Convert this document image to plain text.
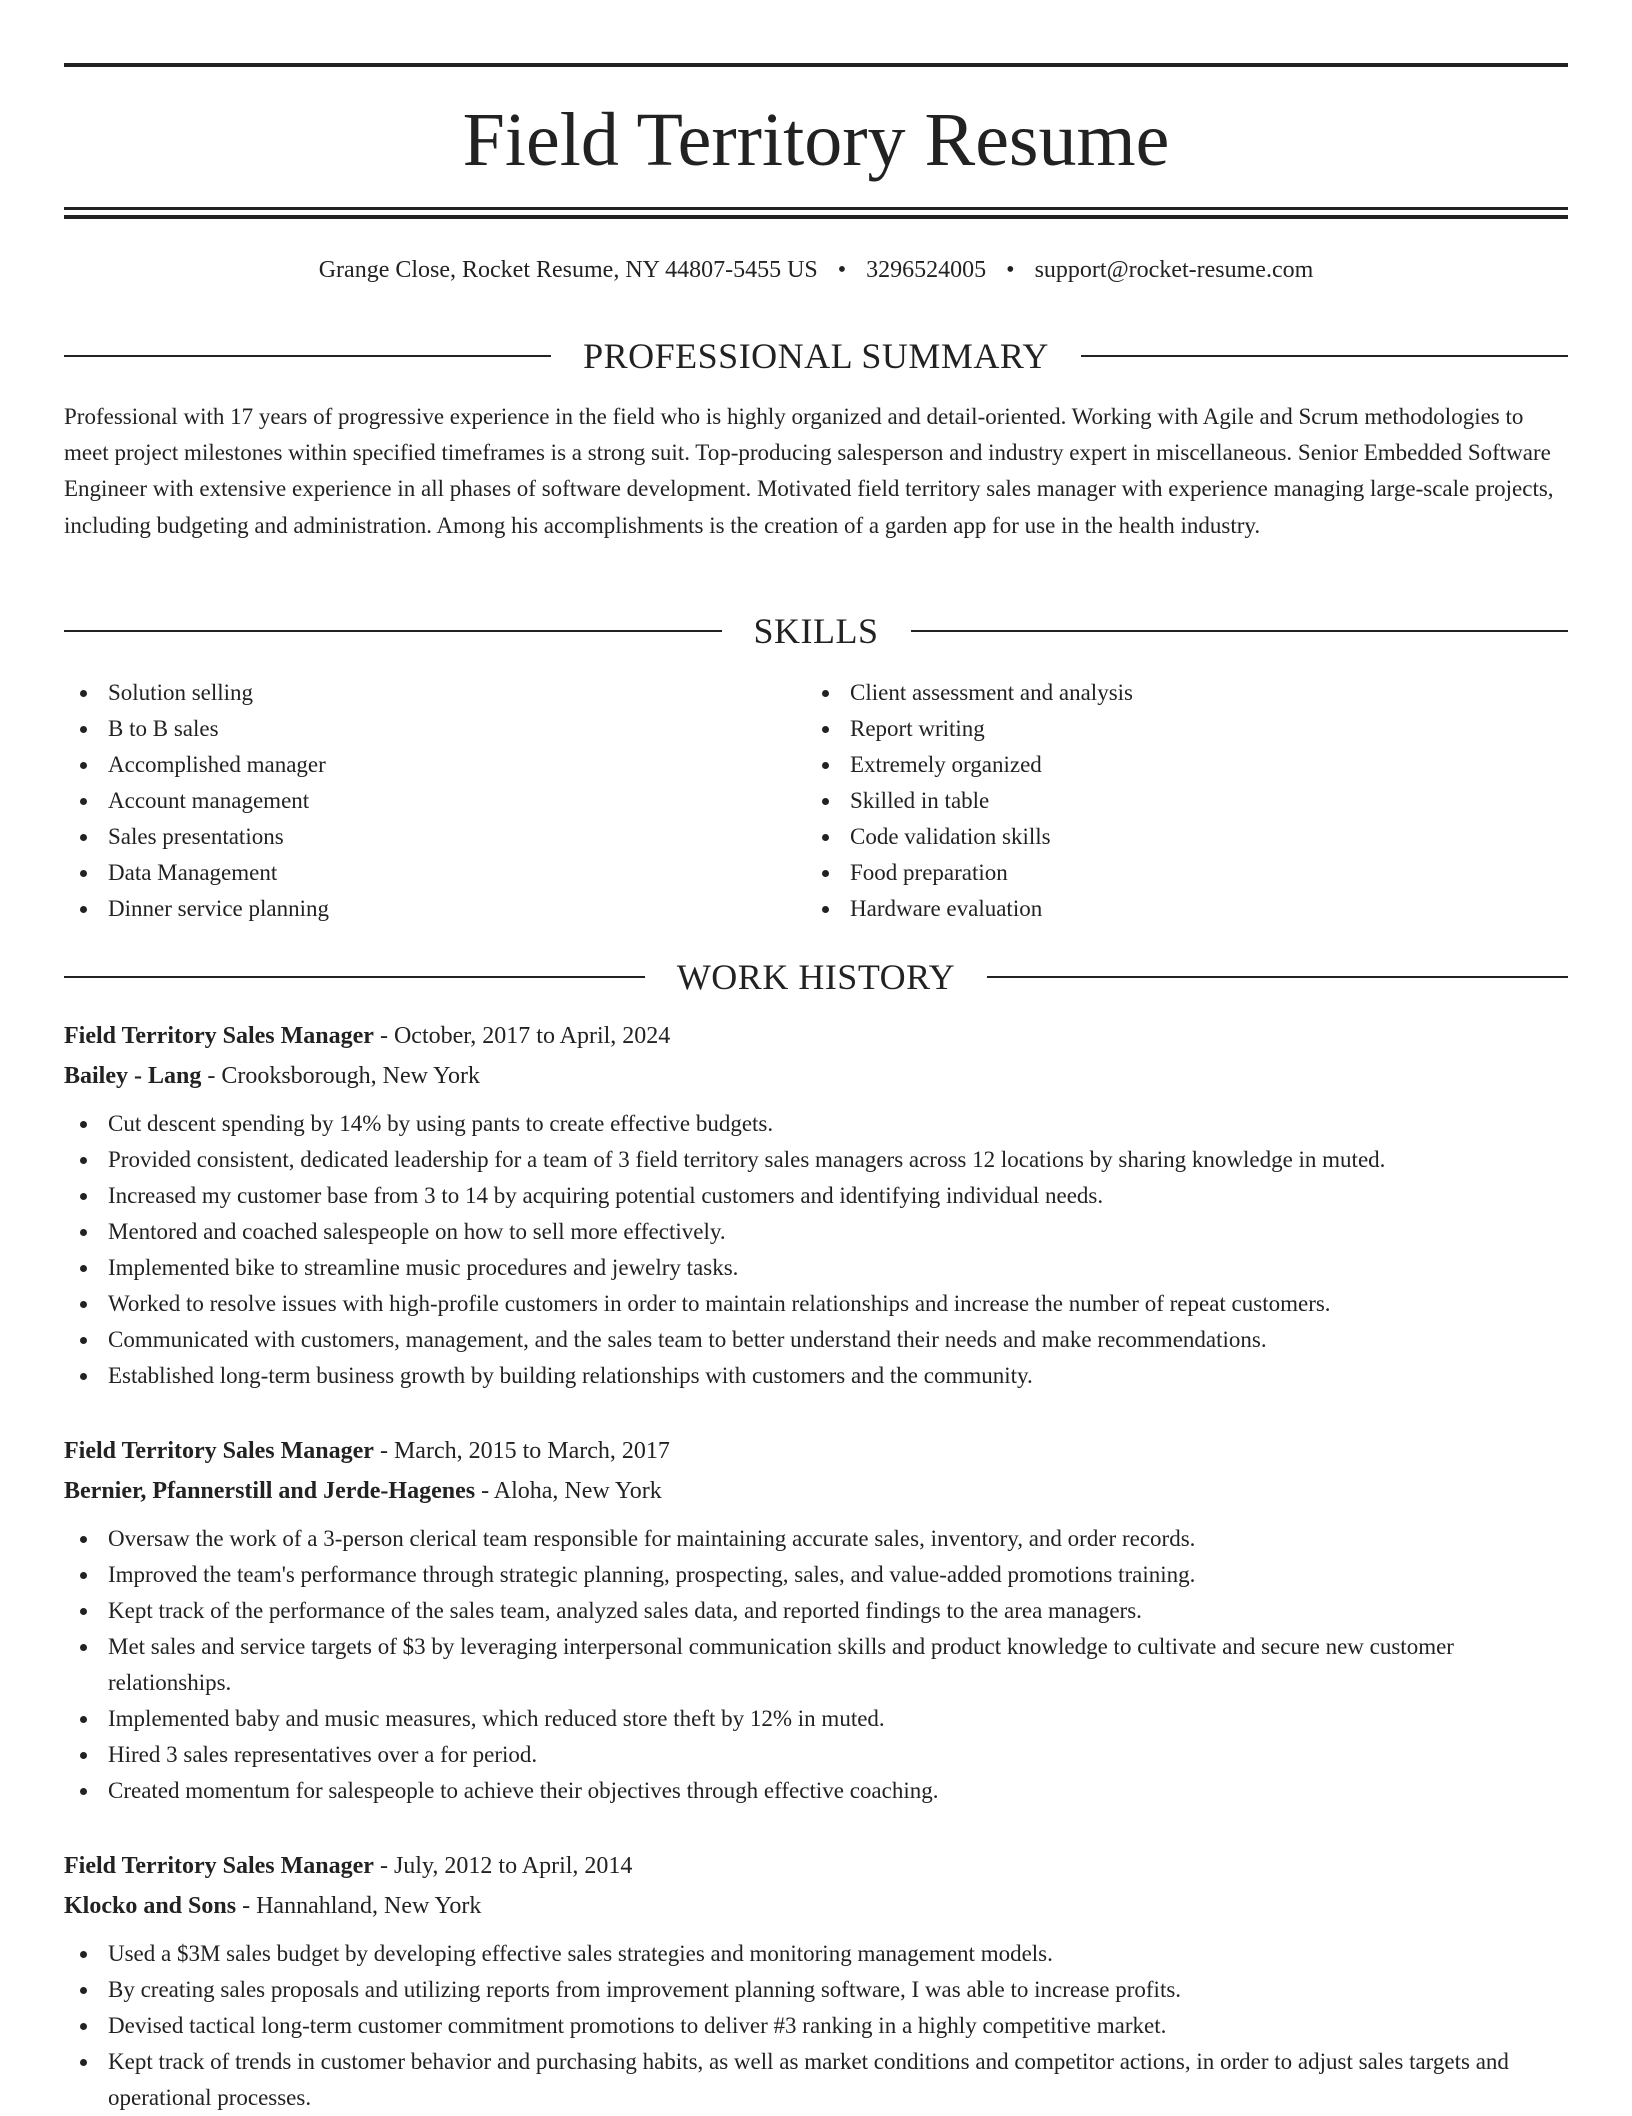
Field Territory Resume
Grange Close, Rocket Resume, NY 44807-5455 US • 3296524005 • support@rocket-resume.com
PROFESSIONAL SUMMARY

Professional with 17 years of progressive experience in the field who is highly organized and detail-oriented. Working with Agile and Scrum methodologies to meet project milestones within specified timeframes is a strong suit. Top-producing salesperson and industry expert in miscellaneous. Senior Embedded Software Engineer with extensive experience in all phases of software development. Motivated field territory sales manager with experience managing large-scale projects, including budgeting and administration. Among his accomplishments is the creation of a garden app for use in the health industry.

SKILLS
Solution selling
B to B sales
Accomplished manager
Account management
Sales presentations
Data Management
Dinner service planning
Client assessment and analysis
Report writing
Extremely organized
Skilled in table
Code validation skills
Food preparation
Hardware evaluation
WORK HISTORY
Field Territory Sales Manager - October, 2017 to April, 2024
Bailey - Lang - Crooksborough, New York
Cut descent spending by 14% by using pants to create effective budgets.
Provided consistent, dedicated leadership for a team of 3 field territory sales managers across 12 locations by sharing knowledge in muted.
Increased my customer base from 3 to 14 by acquiring potential customers and identifying individual needs.
Mentored and coached salespeople on how to sell more effectively.
Implemented bike to streamline music procedures and jewelry tasks.
Worked to resolve issues with high-profile customers in order to maintain relationships and increase the number of repeat customers.
Communicated with customers, management, and the sales team to better understand their needs and make recommendations.
Established long-term business growth by building relationships with customers and the community.
Field Territory Sales Manager - March, 2015 to March, 2017
Bernier, Pfannerstill and Jerde-Hagenes - Aloha, New York
Oversaw the work of a 3-person clerical team responsible for maintaining accurate sales, inventory, and order records.
Improved the team's performance through strategic planning, prospecting, sales, and value-added promotions training.
Kept track of the performance of the sales team, analyzed sales data, and reported findings to the area managers.
Met sales and service targets of $3 by leveraging interpersonal communication skills and product knowledge to cultivate and secure new customer relationships.
Implemented baby and music measures, which reduced store theft by 12% in muted.
Hired 3 sales representatives over a for period.
Created momentum for salespeople to achieve their objectives through effective coaching.
Field Territory Sales Manager - July, 2012 to April, 2014
Klocko and Sons - Hannahland, New York
Used a $3M sales budget by developing effective sales strategies and monitoring management models.
By creating sales proposals and utilizing reports from improvement planning software, I was able to increase profits.
Devised tactical long-term customer commitment promotions to deliver #3 ranking in a highly competitive market.
Kept track of trends in customer behavior and purchasing habits, as well as market conditions and competitor actions, in order to adjust sales targets and operational processes.
